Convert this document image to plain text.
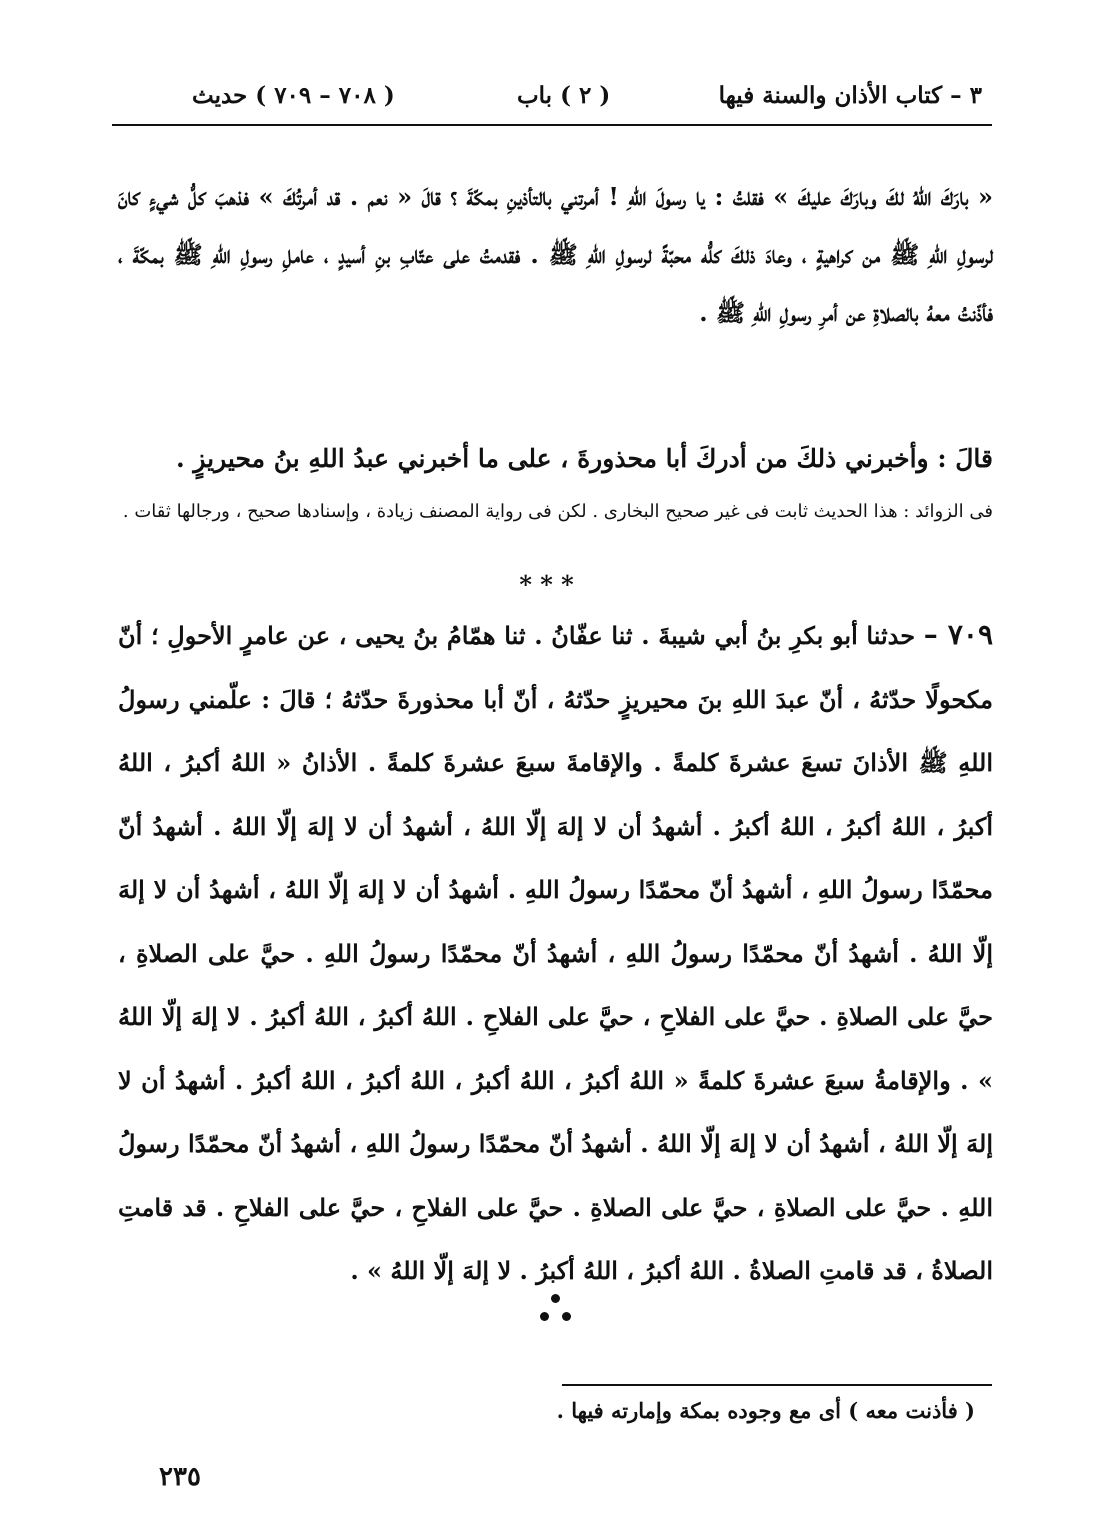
٣ – كتاب الأذان والسنة فيها
( ٢ ) باب
( ٧٠٨ – ٧٠٩ ) حديث
« بارَكَ اللهُ لكَ وبارَكَ عليكَ » فقلتُ : يا رسولَ اللهِ ! أمرتني بالتأذينِ بمكّةَ ؟ قالَ « نعم . قد أمرتُكَ » فذهبَ كلُّ شيءٍ كانَ لرسولِ اللهِ ﷺ من كراهيةٍ ، وعادَ ذلكَ كلُّه محبّةً لرسولِ اللهِ ﷺ . فقدمتُ على عتّابِ بنِ أسيدٍ ، عاملِ رسولِ اللهِ ﷺ بمكّةَ ، فأذّنتُ معهُ بالصلاةِ عن أمرِ رسولِ اللهِ ﷺ .
قالَ : وأخبرني ذلكَ من أدركَ أبا محذورةَ ، على ما أخبرني عبدُ اللهِ بنُ محيريزٍ .
فى الزوائد : هذا الحديث ثابت فى غير صحيح البخارى . لكن فى رواية المصنف زيادة ، وإسنادها صحيح ، ورجالها ثقات .
* * *
٧٠٩ – حدثنا أبو بكرِ بنُ أبي شيبةَ . ثنا عفّانُ . ثنا همّامُ بنُ يحيى ، عن عامرٍ الأحولِ ؛ أنّ مكحولًا حدّثهُ ، أنّ عبدَ اللهِ بنَ محيريزٍ حدّثهُ ، أنّ أبا محذورةَ حدّثهُ ؛ قالَ : علّمني رسولُ اللهِ ﷺ الأذانَ تسعَ عشرةَ كلمةً . والإقامةَ سبعَ عشرةَ كلمةً . الأذانُ « اللهُ أكبرُ ، اللهُ أكبرُ ، اللهُ أكبرُ ، اللهُ أكبرُ . أشهدُ أن لا إلهَ إلّا اللهُ ، أشهدُ أن لا إلهَ إلّا اللهُ . أشهدُ أنّ محمّدًا رسولُ اللهِ ، أشهدُ أنّ محمّدًا رسولُ اللهِ . أشهدُ أن لا إلهَ إلّا اللهُ ، أشهدُ أن لا إلهَ إلّا اللهُ . أشهدُ أنّ محمّدًا رسولُ اللهِ ، أشهدُ أنّ محمّدًا رسولُ اللهِ . حيَّ على الصلاةِ ، حيَّ على الصلاةِ . حيَّ على الفلاحِ ، حيَّ على الفلاحِ . اللهُ أكبرُ ، اللهُ أكبرُ . لا إلهَ إلّا اللهُ » . والإقامةُ سبعَ عشرةَ كلمةً « اللهُ أكبرُ ، اللهُ أكبرُ ، اللهُ أكبرُ ، اللهُ أكبرُ . أشهدُ أن لا إلهَ إلّا اللهُ ، أشهدُ أن لا إلهَ إلّا اللهُ . أشهدُ أنّ محمّدًا رسولُ اللهِ ، أشهدُ أنّ محمّدًا رسولُ اللهِ . حيَّ على الصلاةِ ، حيَّ على الصلاةِ . حيَّ على الفلاحِ ، حيَّ على الفلاحِ . قد قامتِ الصلاةُ ، قد قامتِ الصلاةُ . اللهُ أكبرُ ، اللهُ أكبرُ . لا إلهَ إلّا اللهُ » .
( فأذنت معه ) أى مع وجوده بمكة وإمارته فيها .
٢٣٥
